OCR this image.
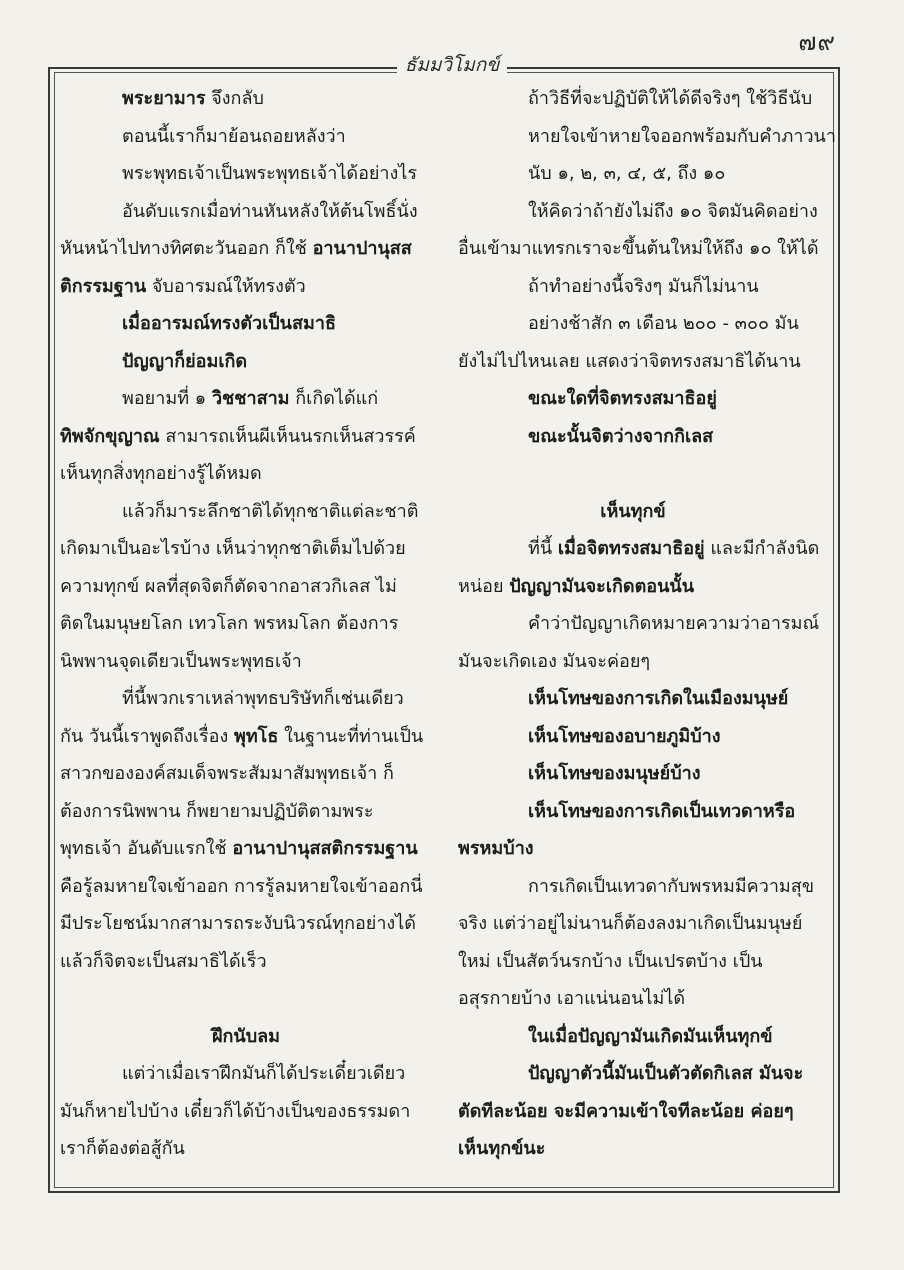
๗๙
ธัมมวิโมกข์
พระยามาร จึงกลับ
ตอนนี้เราก็มาย้อนถอยหลังว่า
พระพุทธเจ้าเป็นพระพุทธเจ้าได้อย่างไร
อันดับแรกเมื่อท่านหันหลังให้ต้นโพธิ์นั่ง
หันหน้าไปทางทิศตะวันออก ก็ใช้ อานาปานุสส
ติกรรมฐาน จับอารมณ์ให้ทรงตัว
เมื่ออารมณ์ทรงตัวเป็นสมาธิ
ปัญญาก็ย่อมเกิด
พอยามที่ ๑ วิชชาสาม ก็เกิดได้แก่
ทิพจักขุญาณ สามารถเห็นผีเห็นนรกเห็นสวรรค์
เห็นทุกสิ่งทุกอย่างรู้ได้หมด
แล้วก็มาระลึกชาติได้ทุกชาติแต่ละชาติ
เกิดมาเป็นอะไรบ้าง เห็นว่าทุกชาติเต็มไปด้วย
ความทุกข์ ผลที่สุดจิตก็ตัดจากอาสวกิเลส ไม่
ติดในมนุษยโลก เทวโลก พรหมโลก ต้องการ
นิพพานจุดเดียวเป็นพระพุทธเจ้า
ที่นี้พวกเราเหล่าพุทธบริษัทก็เช่นเดียว
กัน วันนี้เราพูดถึงเรื่อง พุทโธ ในฐานะที่ท่านเป็น
สาวกขององค์สมเด็จพระสัมมาสัมพุทธเจ้า ก็
ต้องการนิพพาน ก็พยายามปฏิบัติตามพระ
พุทธเจ้า อันดับแรกใช้ อานาปานุสสติกรรมฐาน
คือรู้ลมหายใจเข้าออก การรู้ลมหายใจเข้าออกนี่
มีประโยชน์มากสามารถระงับนิวรณ์ทุกอย่างได้
แล้วก็จิตจะเป็นสมาธิได้เร็ว
ฝึกนับลม
แต่ว่าเมื่อเราฝึกมันก็ได้ประเดี๋ยวเดียว
มันก็หายไปบ้าง เดี๋ยวก็ได้บ้างเป็นของธรรมดา
เราก็ต้องต่อสู้กัน
ถ้าวิธีที่จะปฏิบัติให้ได้ดีจริงๆ ใช้วิธีนับ
หายใจเข้าหายใจออกพร้อมกับคำภาวนา
นับ ๑, ๒, ๓, ๔, ๕, ถึง ๑๐
ให้คิดว่าถ้ายังไม่ถึง ๑๐ จิตมันคิดอย่าง
อื่นเข้ามาแทรกเราจะขึ้นต้นใหม่ให้ถึง ๑๐ ให้ได้
ถ้าทำอย่างนี้จริงๆ มันก็ไม่นาน
อย่างช้าสัก ๓ เดือน ๒๐๐ - ๓๐๐ มัน
ยังไม่ไปไหนเลย แสดงว่าจิตทรงสมาธิได้นาน
ขณะใดที่จิตทรงสมาธิอยู่
ขณะนั้นจิตว่างจากกิเลส
เห็นทุกข์
ที่นี้ เมื่อจิตทรงสมาธิอยู่ และมีกำลังนิด
หน่อย ปัญญามันจะเกิดตอนนั้น
คำว่าปัญญาเกิดหมายความว่าอารมณ์
มันจะเกิดเอง มันจะค่อยๆ
เห็นโทษของการเกิดในเมืองมนุษย์
เห็นโทษของอบายภูมิบ้าง
เห็นโทษของมนุษย์บ้าง
เห็นโทษของการเกิดเป็นเทวดาหรือ
พรหมบ้าง
การเกิดเป็นเทวดากับพรหมมีความสุข
จริง แต่ว่าอยู่ไม่นานก็ต้องลงมาเกิดเป็นมนุษย์
ใหม่ เป็นสัตว์นรกบ้าง เป็นเปรตบ้าง เป็น
อสุรกายบ้าง เอาแน่นอนไม่ได้
ในเมื่อปัญญามันเกิดมันเห็นทุกข์
ปัญญาตัวนี้มันเป็นตัวตัดกิเลส มันจะ
ตัดทีละน้อย จะมีความเข้าใจทีละน้อย ค่อยๆ
เห็นทุกข์นะ
